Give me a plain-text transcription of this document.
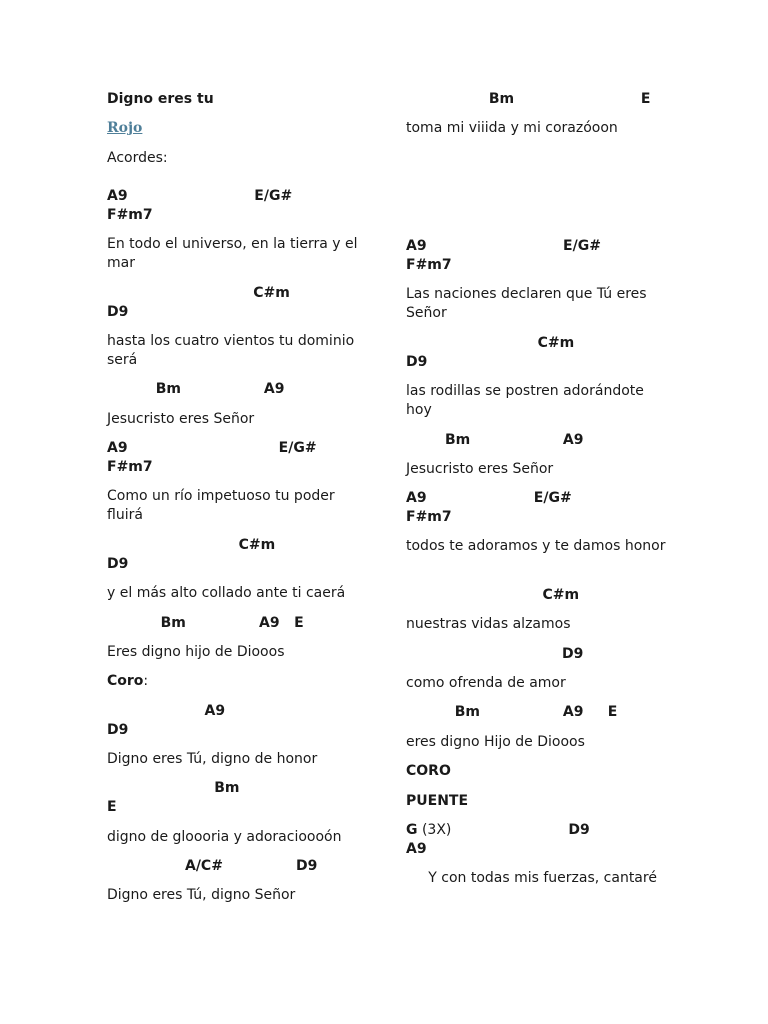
Digno eres tu
Rojo
Acordes:
A9                          E/G#
F#m7
En todo el universo, en la tierra y el mar
C#m
D9
hasta los cuatro vientos tu dominio será
Bm                 A9
Jesucristo eres Señor
A9                               E/G#
F#m7
Como un río impetuoso tu poder fluirá
C#m
D9
y el más alto collado ante ti caerá
Bm               A9   E
Eres digno hijo de Diooos
Coro:
A9
D9
Digno eres Tú, digno de honor
Bm
E
digno de gloooria y adoracioooón
A/C#               D9
Digno eres Tú, digno Señor
Bm                          E
toma mi viiida y mi corazóoon
A9                            E/G#
F#m7
Las naciones declaren que Tú eres Señor
C#m
D9
las rodillas se postren adorándote hoy
Bm                   A9
Jesucristo eres Señor
A9                      E/G#
F#m7
todos te adoramos y te damos honor
C#m
nuestras vidas alzamos
D9
como ofrenda de amor
Bm                 A9     E
eres digno Hijo de Diooos
CORO
PUENTE
G (3X)                        D9
A9
Y con todas mis fuerzas, cantaré
